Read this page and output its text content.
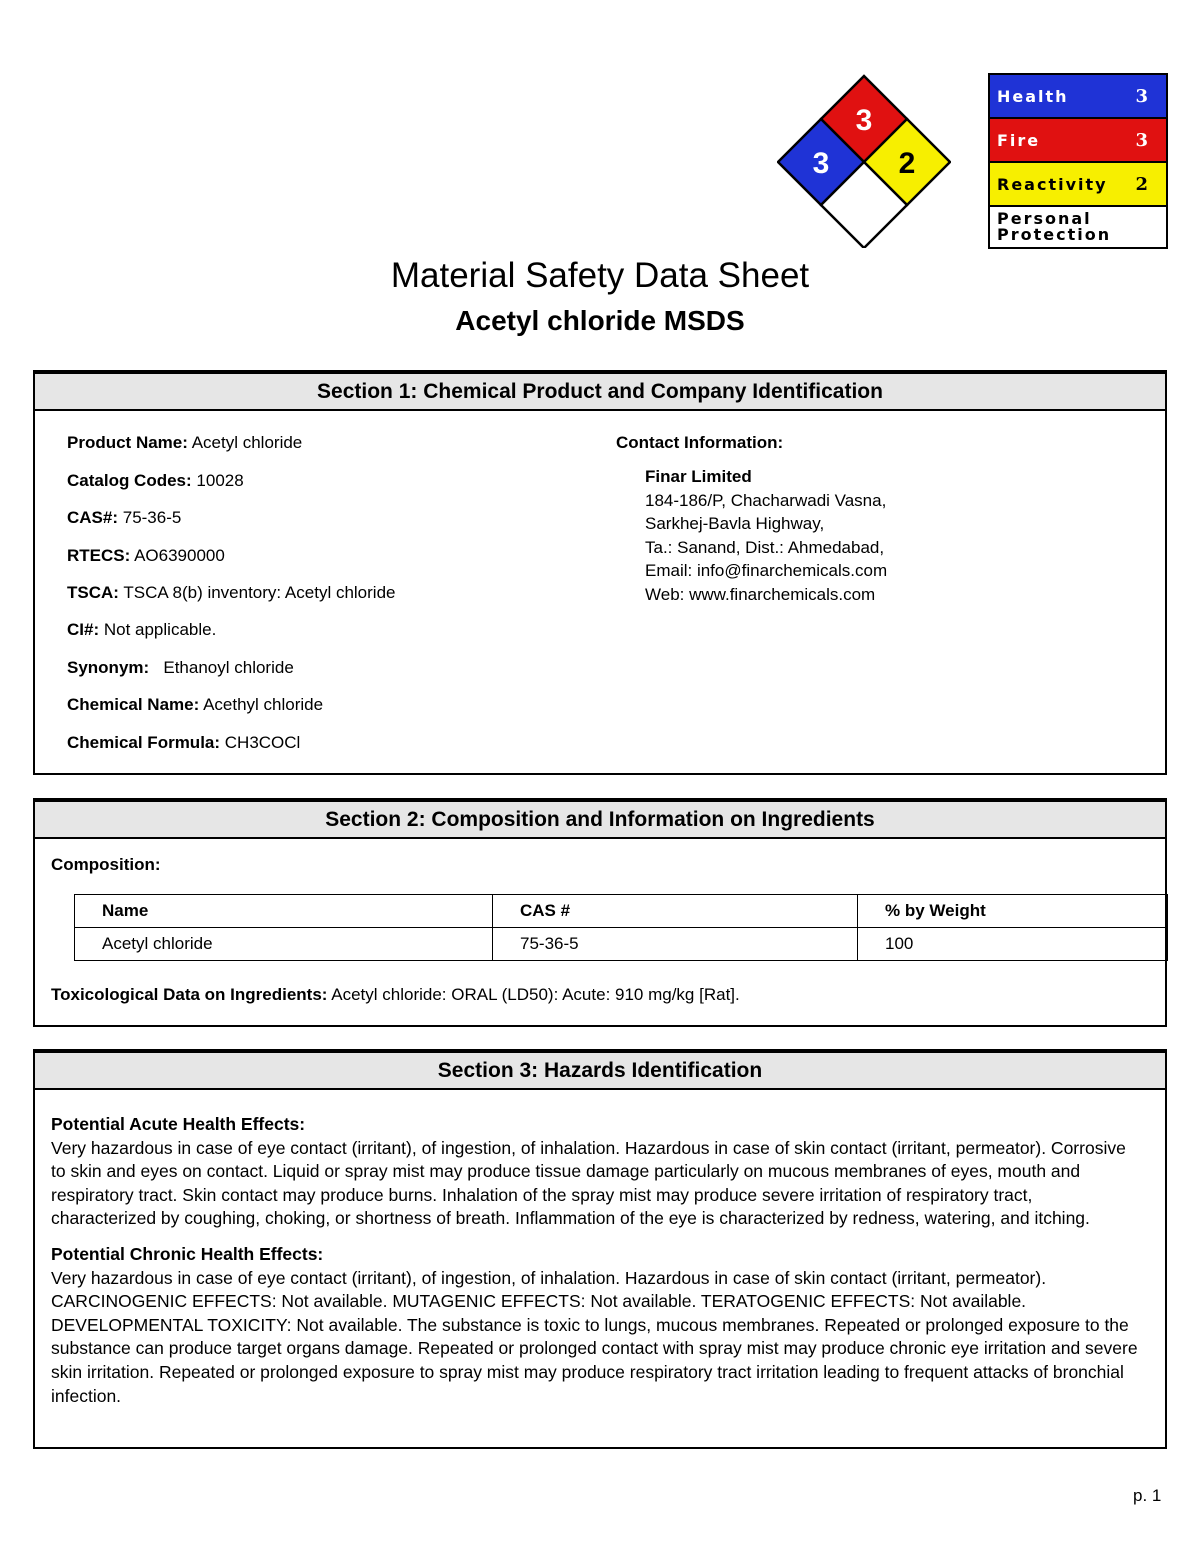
3
3 2
Health	3
Fire	3
Reactivity 2
Personal
Protection
Material Safety Data Sheet
Acetyl chloride MSDS
Section 1: Chemical Product and Company Identification
Product Name: Acetyl chloride
Catalog Codes: 10028
CAS#: 75-36-5
RTECS: AO6390000
TSCA: TSCA 8(b) inventory: Acetyl chloride
CI#: Not applicable.
Synonym:   Ethanoyl chloride
Chemical Name: Acethyl chloride
Chemical Formula: CH3COCl
Contact Information:
Finar Limited
184-186/P, Chacharwadi Vasna,
Sarkhej-Bavla Highway,
Ta.: Sanand, Dist.: Ahmedabad,
Email: info@finarchemicals.com
Web: www.finarchemicals.com
Section 2: Composition and Information on Ingredients
Composition:
Name	CAS #	% by Weight
Acetyl chloride	75-36-5	100
Toxicological Data on Ingredients: Acetyl chloride: ORAL (LD50): Acute: 910 mg/kg [Rat].
Section 3: Hazards Identification

Potential Acute Health Effects:

Very hazardous in case of eye contact (irritant), of ingestion, of inhalation. Hazardous in case of skin contact (irritant, permeator). Corrosive to skin and eyes on contact. Liquid or spray mist may produce tissue damage particularly on mucous membranes of eyes, mouth and respiratory tract. Skin contact may produce burns. Inhalation of the spray mist may produce severe irritation of respiratory tract, characterized by coughing, choking, or shortness of breath. Inflammation of the eye is characterized by redness, watering, and itching.

Potential Chronic Health Effects:

Very hazardous in case of eye contact (irritant), of ingestion, of inhalation. Hazardous in case of skin contact (irritant, permeator). CARCINOGENIC EFFECTS: Not available. MUTAGENIC EFFECTS: Not available. TERATOGENIC EFFECTS: Not available. DEVELOPMENTAL TOXICITY: Not available. The substance is toxic to lungs, mucous membranes. Repeated or prolonged exposure to the substance can produce target organs damage. Repeated or prolonged contact with spray mist may produce chronic eye irritation and severe skin irritation. Repeated or prolonged exposure to spray mist may produce respiratory tract irritation leading to frequent attacks of bronchial infection.

p. 1
